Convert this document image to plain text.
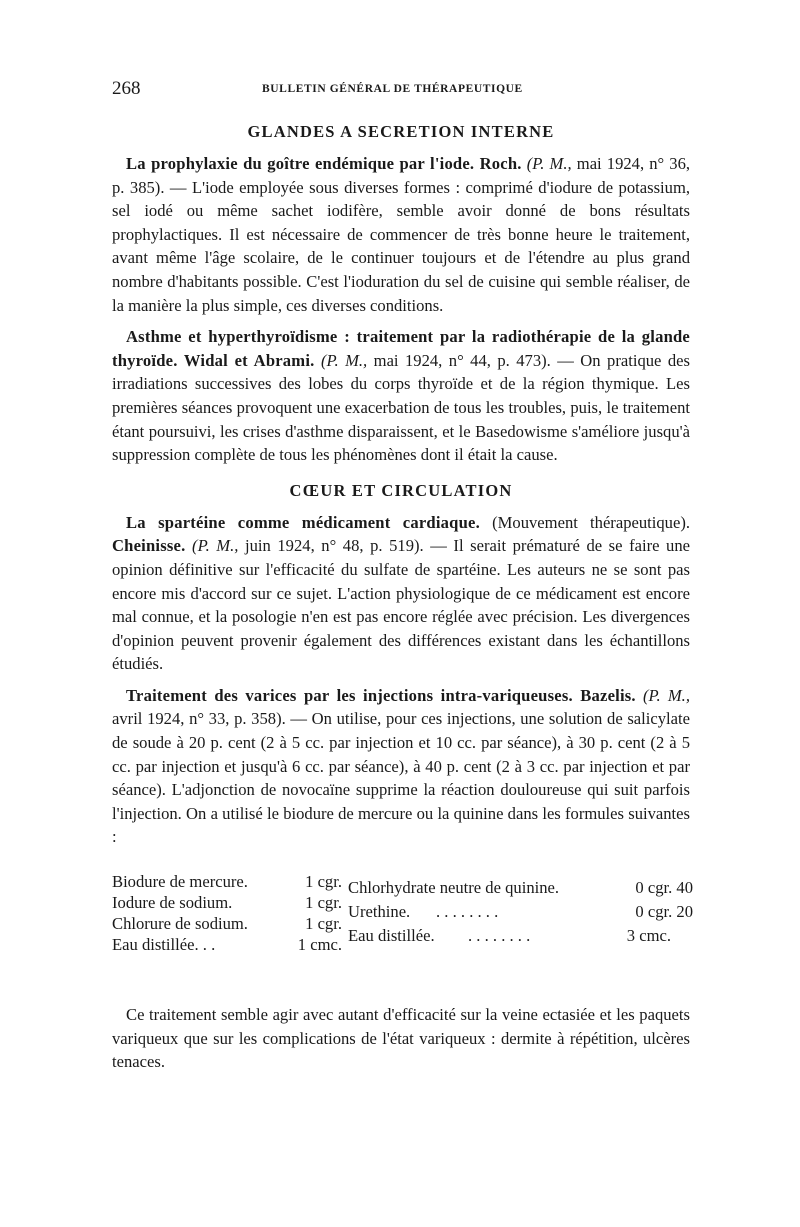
268	BULLETIN GÉNÉRAL DE THÉRAPEUTIQUE
GLANDES A SECRETION INTERNE

La prophylaxie du goître endémique par l'iode. Roch. (P. M., mai 1924, n° 36, p. 385). — L'iode employée sous diverses formes : comprimé d'iodure de potassium, sel iodé ou même sachet iodifère, semble avoir donné de bons résultats prophylactiques. Il est nécessaire de commencer de très bonne heure le traitement, avant même l'âge scolaire, de le continuer toujours et de l'étendre au plus grand nombre d'habitants possible. C'est l'ioduration du sel de cuisine qui semble réaliser, de la manière la plus simple, ces diverses conditions.

Asthme et hyperthyroïdisme : traitement par la radiothérapie de la glande thyroïde. Widal et Abrami. (P. M., mai 1924, n° 44, p. 473). — On pratique des irradiations successives des lobes du corps thyroïde et de la région thymique. Les premières séances provoquent une exacerbation de tous les troubles, puis, le traitement étant poursuivi, les crises d'asthme disparaissent, et le Basedowisme s'améliore jusqu'à suppression complète de tous les phénomènes dont il était la cause.

CŒUR ET CIRCULATION

La spartéine comme médicament cardiaque. (Mouvement thérapeutique). Cheinisse. (P. M., juin 1924, n° 48, p. 519). — Il serait prématuré de se faire une opinion définitive sur l'efficacité du sulfate de spartéine. Les auteurs ne se sont pas encore mis d'accord sur ce sujet. L'action physiologique de ce médicament est encore mal connue, et la posologie n'en est pas encore réglée avec précision. Les divergences d'opinion peuvent provenir également des différences existant dans les échantillons étudiés.

Traitement des varices par les injections intra-variqueuses. Bazelis. (P. M., avril 1924, n° 33, p. 358). — On utilise, pour ces injections, une solution de salicylate de soude à 20 p. cent (2 à 5 cc. par injection et 10 cc. par séance), à 30 p. cent (2 à 5 cc. par injection et jusqu'à 6 cc. par séance), à 40 p. cent (2 à 3 cc. par injection et par séance). L'adjonction de novocaïne supprime la réaction douloureuse qui suit parfois l'injection. On a utilisé le biodure de mercure ou la quinine dans les formules suivantes :

Biodure de mercure.	1 cgr.
Iodure de sodium.	1 cgr.
Chlorure de sodium.	1 cgr.
Eau distillée. . .	1 cmc.
Chlorhydrate neutre de quinine.	0 cgr. 40
Urethine. . . . . . . . .	0 cgr. 20
Eau distillée. . . . . . . . .	3 cmc.

Ce traitement semble agir avec autant d'efficacité sur la veine ectasiée et les paquets variqueux que sur les complications de l'état variqueux : dermite à répétition, ulcères tenaces.
